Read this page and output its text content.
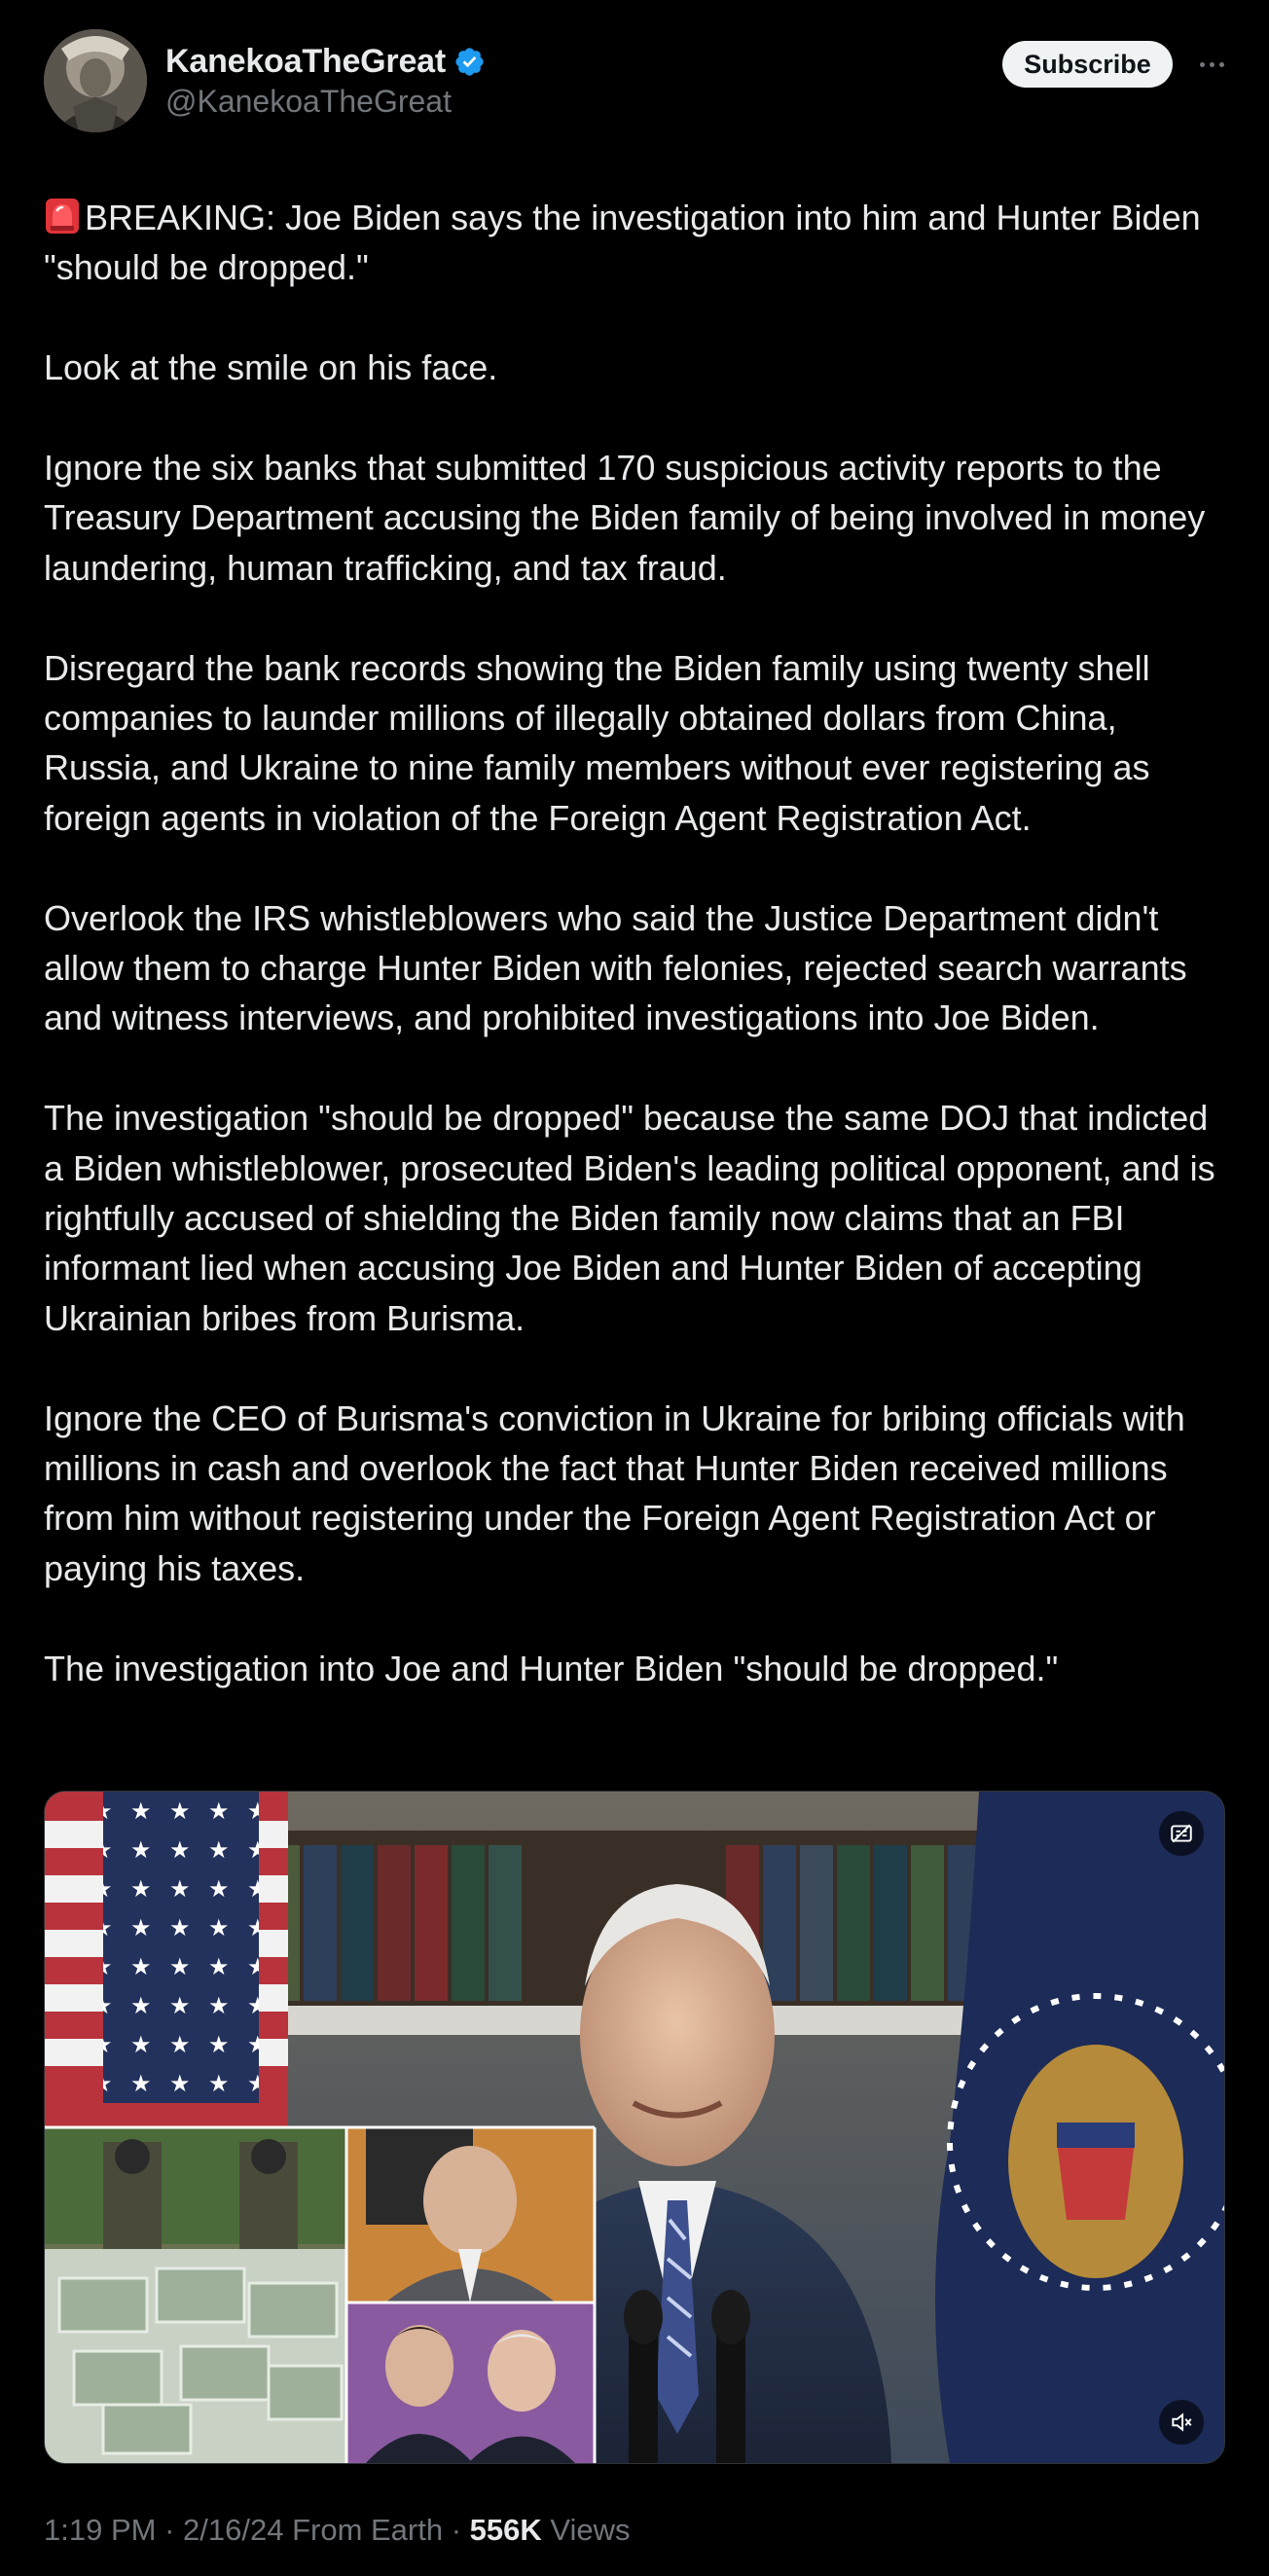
KanekoaTheGreat
@KanekoaTheGreat
Subscribe

BREAKING: Joe Biden says the investigation into him and Hunter Biden "should be dropped."

Look at the smile on his face.

Ignore the six banks that submitted 170 suspicious activity reports to the Treasury Department accusing the Biden family of being involved in money laundering, human trafficking, and tax fraud.

Disregard the bank records showing the Biden family using twenty shell companies to launder millions of illegally obtained dollars from China, Russia, and Ukraine to nine family members without ever registering as foreign agents in violation of the Foreign Agent Registration Act.

Overlook the IRS whistleblowers who said the Justice Department didn't allow them to charge Hunter Biden with felonies, rejected search warrants and witness interviews, and prohibited investigations into Joe Biden.

The investigation "should be dropped" because the same DOJ that indicted a Biden whistleblower, prosecuted Biden's leading political opponent, and is rightfully accused of shielding the Biden family now claims that an FBI informant lied when accusing Joe Biden and Hunter Biden of accepting Ukrainian bribes from Burisma.

Ignore the CEO of Burisma's conviction in Ukraine for bribing officials with millions in cash and overlook the fact that Hunter Biden received millions from him without registering under the Foreign Agent Registration Act or paying his taxes.

The investigation into Joe and Hunter Biden "should be dropped."

1:19 PM · 2/16/24 From Earth · 556K Views
